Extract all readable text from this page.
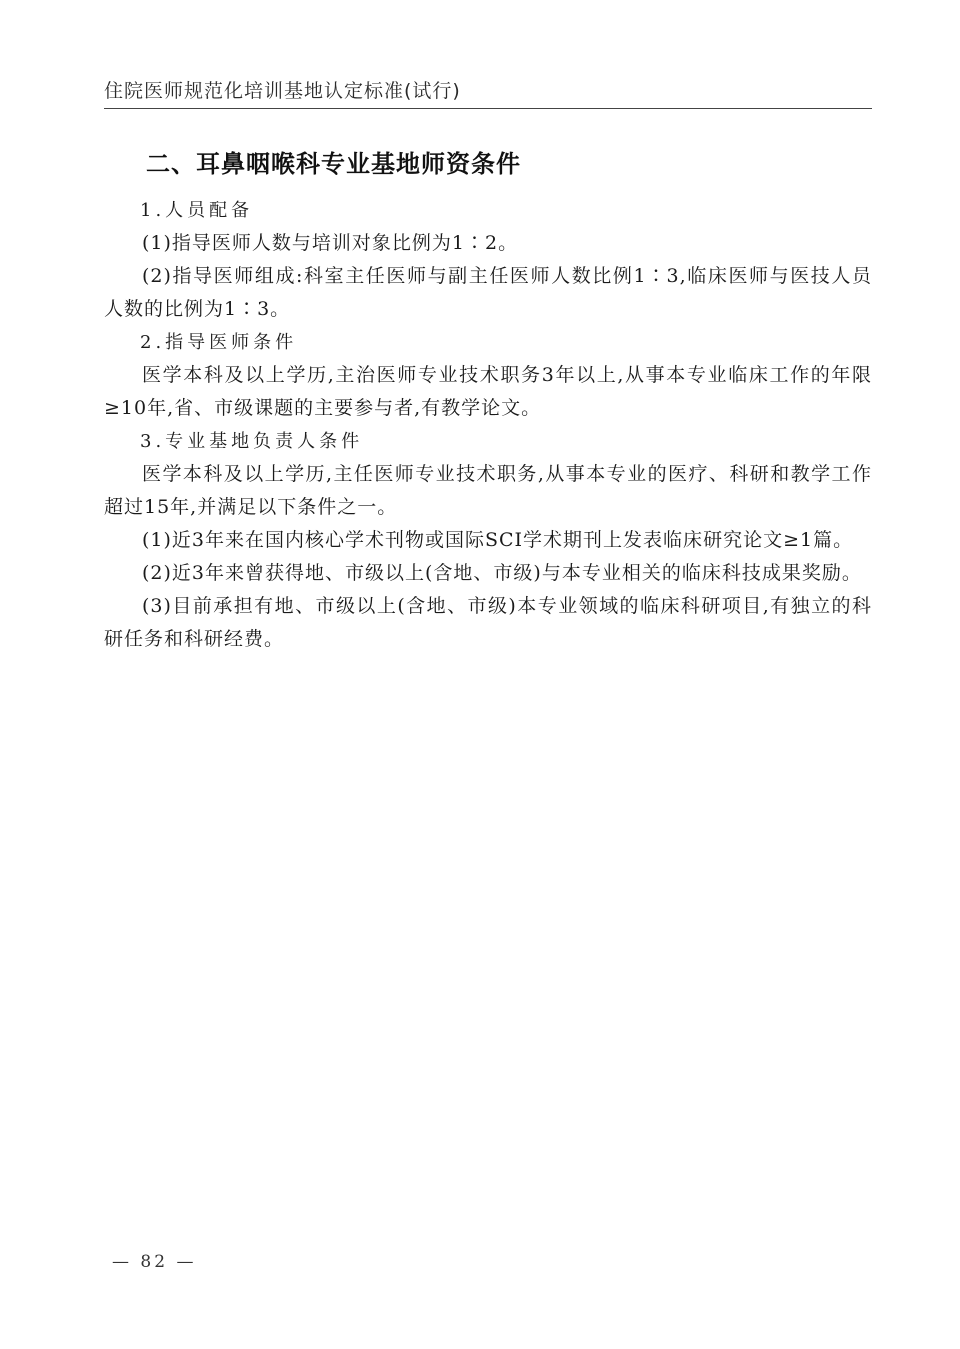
住院医师规范化培训基地认定标准(试行)
二、耳鼻咽喉科专业基地师资条件

1.人员配备

(1)指导医师人数与培训对象比例为1∶2。

(2)指导医师组成:科室主任医师与副主任医师人数比例1∶3,临床医师与医技人员人数的比例为1∶3。

2.指导医师条件

医学本科及以上学历,主治医师专业技术职务3年以上,从事本专业临床工作的年限≥10年,省、市级课题的主要参与者,有教学论文。

3.专业基地负责人条件

医学本科及以上学历,主任医师专业技术职务,从事本专业的医疗、科研和教学工作超过15年,并满足以下条件之一。

(1)近3年来在国内核心学术刊物或国际SCI学术期刊上发表临床研究论文≥1篇。

(2)近3年来曾获得地、市级以上(含地、市级)与本专业相关的临床科技成果奖励。

(3)目前承担有地、市级以上(含地、市级)本专业领域的临床科研项目,有独立的科研任务和科研经费。

— 82 —
